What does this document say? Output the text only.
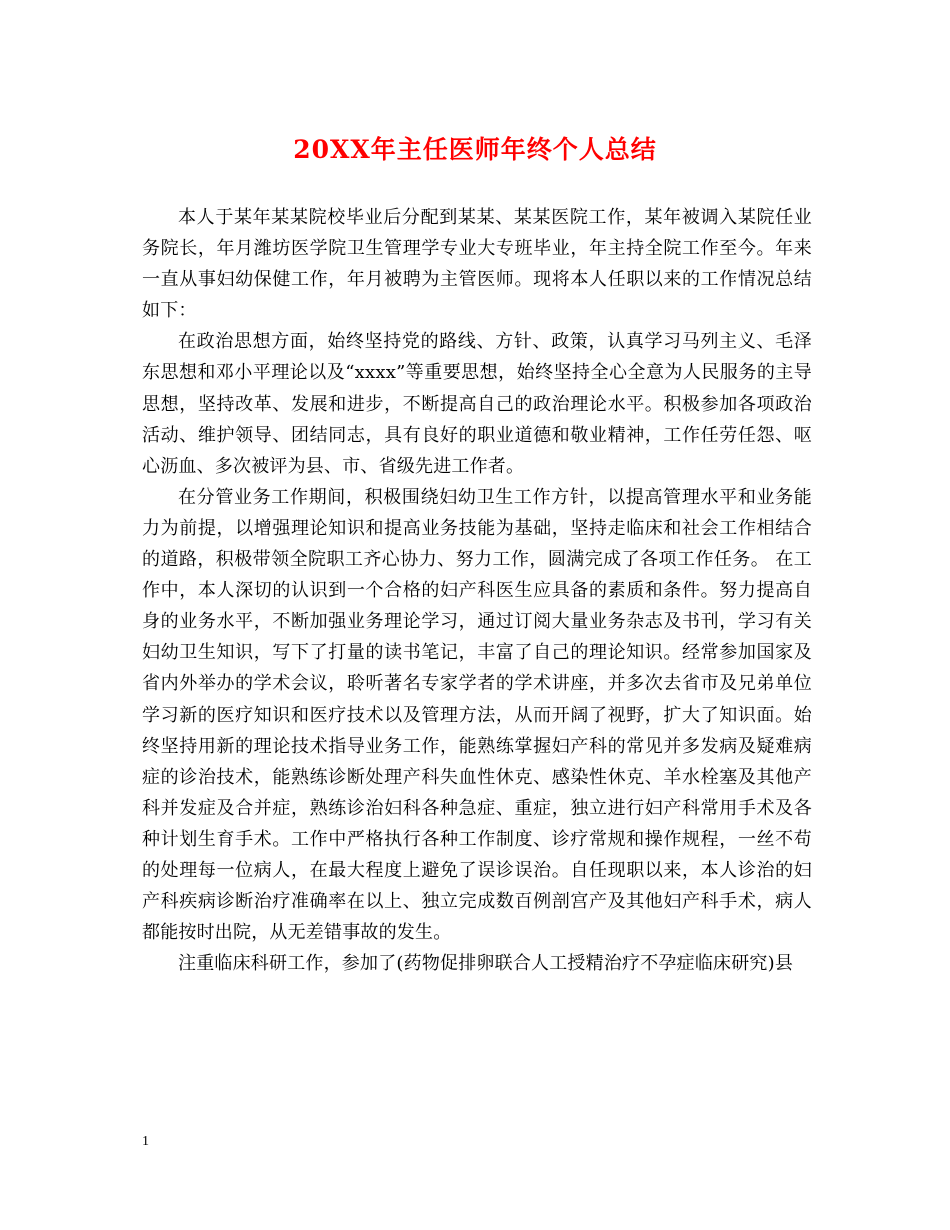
20XX年主任医师年终个人总结

本人于某年某某院校毕业后分配到某某、某某医院工作，某年被调入某院任业务院长，年月潍坊医学院卫生管理学专业大专班毕业，年主持全院工作至今。年来一直从事妇幼保健工作，年月被聘为主管医师。现将本人任职以来的工作情况总结如下：

在政治思想方面，始终坚持党的路线、方针、政策，认真学习马列主义、毛泽东思想和邓小平理论以及“xxxx”等重要思想，始终坚持全心全意为人民服务的主导思想，坚持改革、发展和进步，不断提高自己的政治理论水平。积极参加各项政治活动、维护领导、团结同志，具有良好的职业道德和敬业精神，工作任劳任怨、呕心沥血、多次被评为县、市、省级先进工作者。

在分管业务工作期间，积极围绕妇幼卫生工作方针，以提高管理水平和业务能力为前提，以增强理论知识和提高业务技能为基础，坚持走临床和社会工作相结合的道路，积极带领全院职工齐心协力、努力工作，圆满完成了各项工作任务。 在工作中，本人深切的认识到一个合格的妇产科医生应具备的素质和条件。努力提高自身的业务水平，不断加强业务理论学习，通过订阅大量业务杂志及书刊，学习有关妇幼卫生知识，写下了打量的读书笔记，丰富了自己的理论知识。经常参加国家及省内外举办的学术会议，聆听著名专家学者的学术讲座，并多次去省市及兄弟单位学习新的医疗知识和医疗技术以及管理方法，从而开阔了视野，扩大了知识面。始终坚持用新的理论技术指导业务工作，能熟练掌握妇产科的常见并多发病及疑难病症的诊治技术，能熟练诊断处理产科失血性休克、感染性休克、羊水栓塞及其他产科并发症及合并症，熟练诊治妇科各种急症、重症，独立进行妇产科常用手术及各种计划生育手术。工作中严格执行各种工作制度、诊疗常规和操作规程，一丝不苟的处理每一位病人，在最大程度上避免了误诊误治。自任现职以来，本人诊治的妇产科疾病诊断治疗准确率在以上、独立完成数百例剖宫产及其他妇产科手术，病人都能按时出院，从无差错事故的发生。

注重临床科研工作，参加了(药物促排卵联合人工授精治疗不孕症临床研究)县

1
